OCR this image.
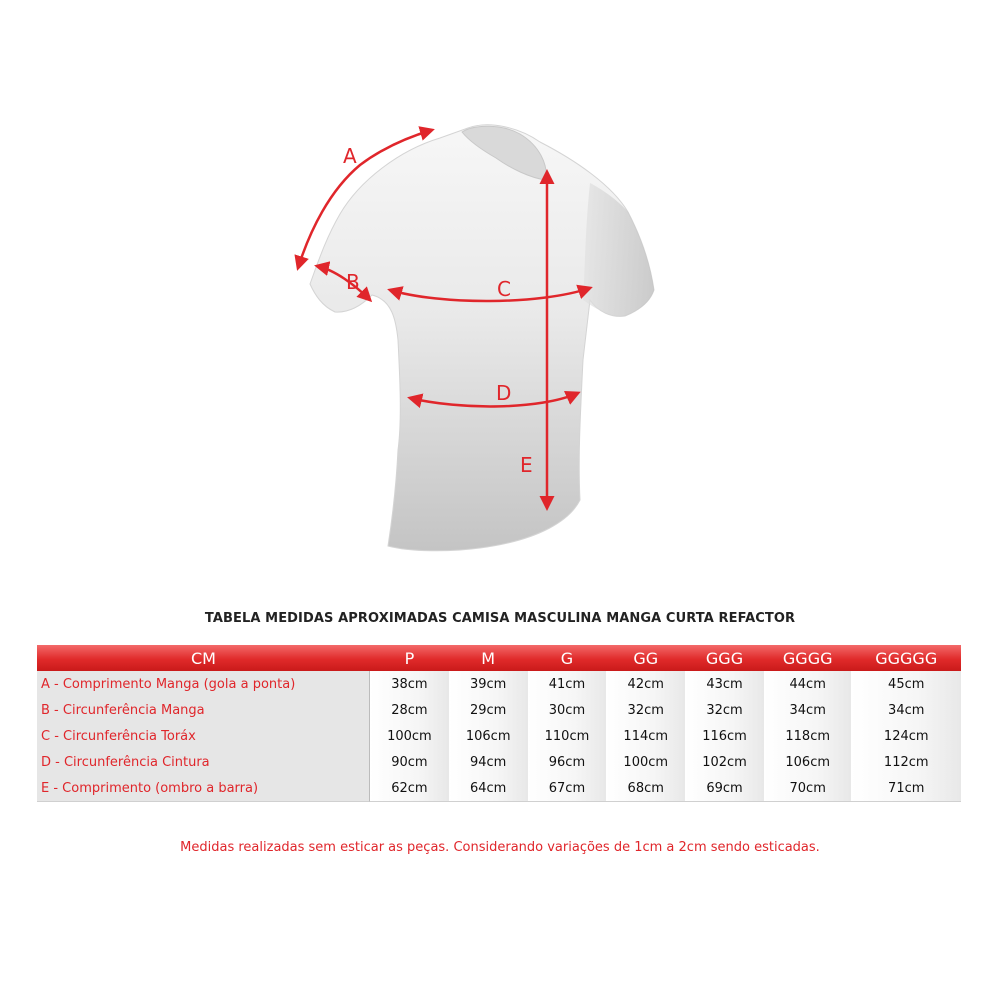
A
B	C
D
E
TABELA MEDIDAS APROXIMADAS CAMISA MASCULINA MANGA CURTA REFACTOR
CM	P	M	G	GG	GGG	GGGG	GGGGG
A - Comprimento Manga (gola a ponta)	38cm	39cm	41cm	42cm	43cm	44cm	45cm
B - Circunferência Manga	28cm	29cm	30cm	32cm	32cm	34cm	34cm
C - Circunferência Toráx	100cm	106cm	110cm	114cm	116cm	118cm	124cm
D - Circunferência Cintura	90cm	94cm	96cm	100cm	102cm	106cm	112cm
E - Comprimento (ombro a barra)	62cm	64cm	67cm	68cm	69cm	70cm	71cm
Medidas realizadas sem esticar as peças. Considerando variações de 1cm a 2cm sendo esticadas.
